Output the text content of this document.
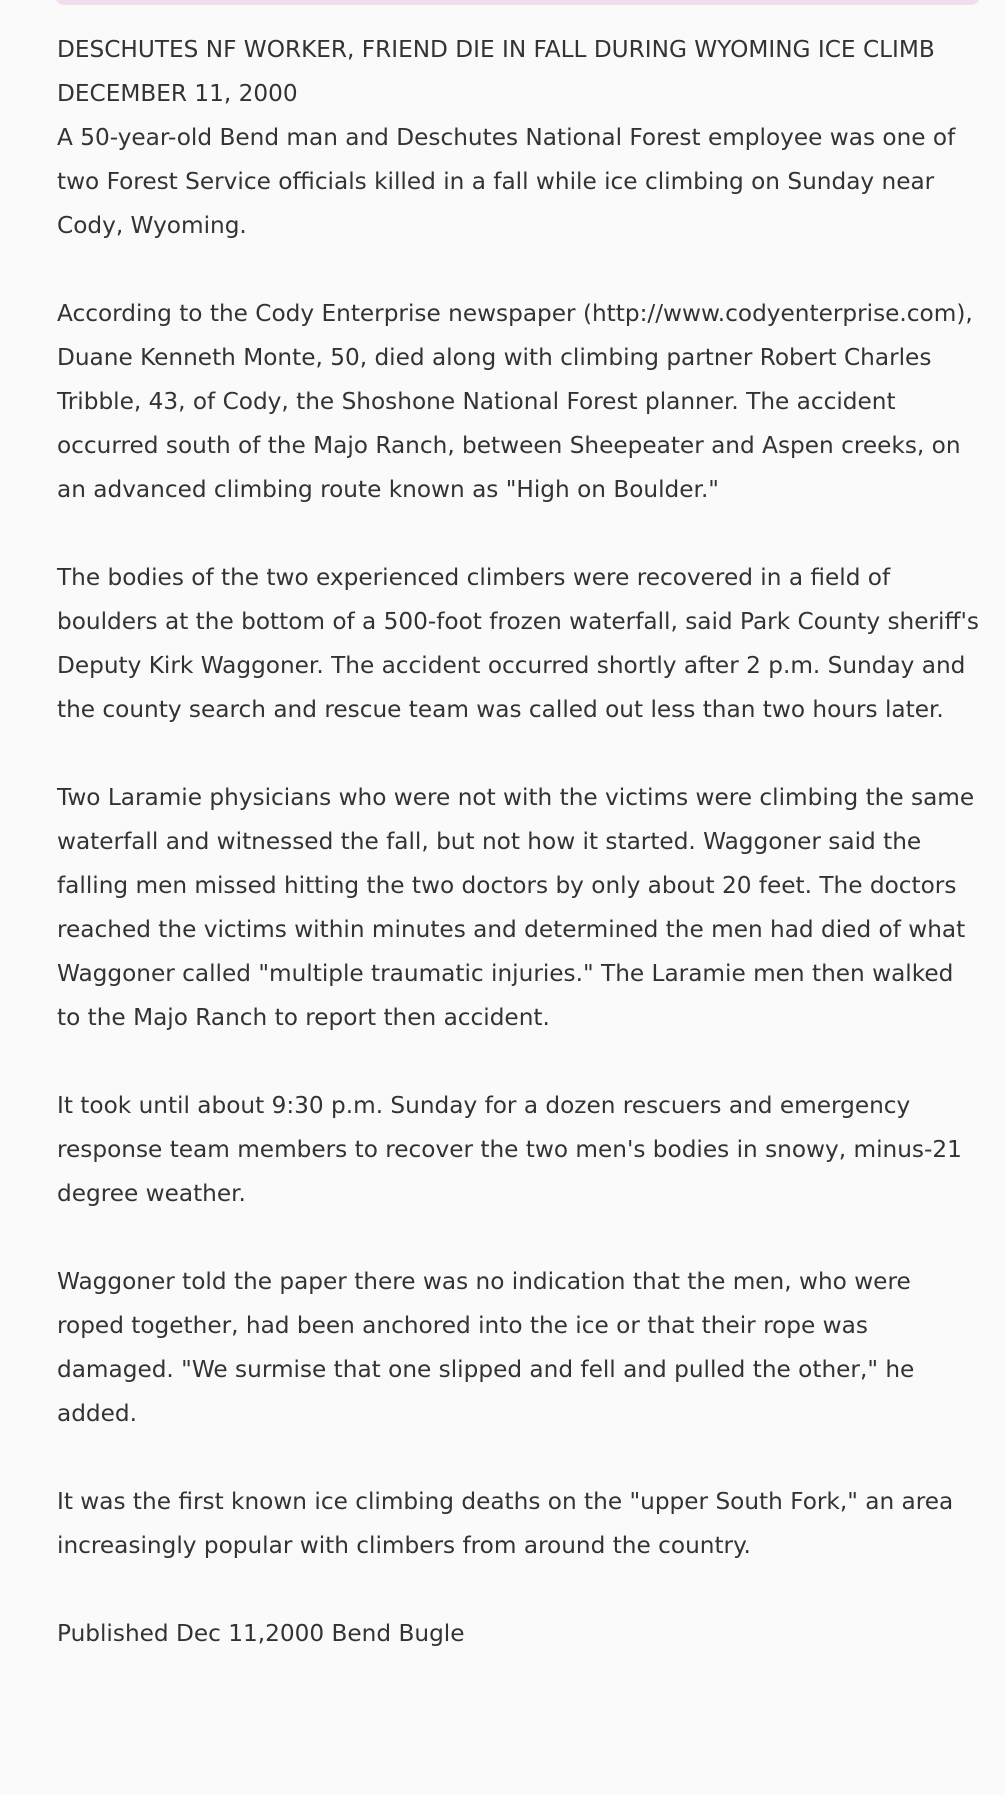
DESCHUTES NF WORKER, FRIEND DIE IN FALL DURING WYOMING ICE CLIMB
DECEMBER 11, 2000

A 50-year-old Bend man and Deschutes National Forest employee was one of two Forest Service officials killed in a fall while ice climbing on Sunday near Cody, Wyoming.

According to the Cody Enterprise newspaper (http://www.codyenterprise.com), Duane Kenneth Monte, 50, died along with climbing partner Robert Charles Tribble, 43, of Cody, the Shoshone National Forest planner. The accident occurred south of the Majo Ranch, between Sheepeater and Aspen creeks, on an advanced climbing route known as "High on Boulder."

The bodies of the two experienced climbers were recovered in a field of boulders at the bottom of a 500-foot frozen waterfall, said Park County sheriff's Deputy Kirk Waggoner. The accident occurred shortly after 2 p.m. Sunday and the county search and rescue team was called out less than two hours later.

Two Laramie physicians who were not with the victims were climbing the same waterfall and witnessed the fall, but not how it started. Waggoner said the falling men missed hitting the two doctors by only about 20 feet. The doctors reached the victims within minutes and determined the men had died of what Waggoner called "multiple traumatic injuries." The Laramie men then walked to the Majo Ranch to report then accident.

It took until about 9:30 p.m. Sunday for a dozen rescuers and emergency response team members to recover the two men's bodies in snowy, minus-21 degree weather.

Waggoner told the paper there was no indication that the men, who were roped together, had been anchored into the ice or that their rope was damaged. "We surmise that one slipped and fell and pulled the other," he added.

It was the first known ice climbing deaths on the "upper South Fork," an area increasingly popular with climbers from around the country.

Published Dec 11,2000 Bend Bugle
